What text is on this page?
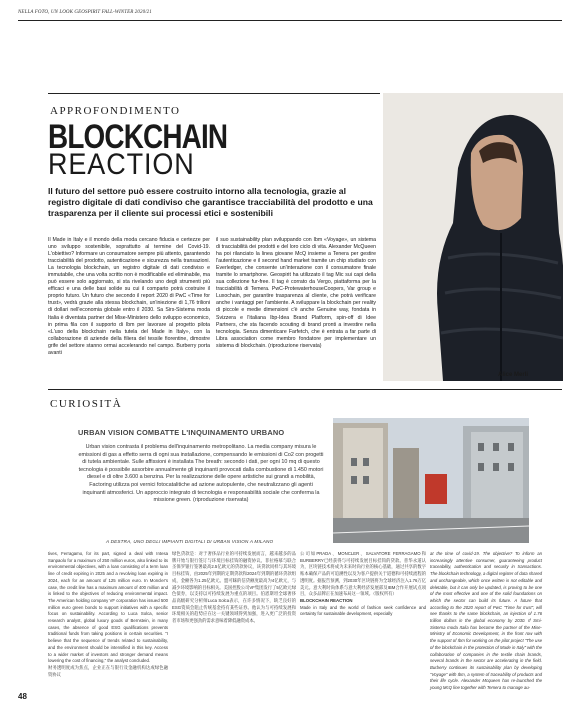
NELLA FOTO, UN LOOK GEOSPIRIT FALL-WINTER 2020/21
APPROFONDIMENTO
BLOCKCHAIN
REACTION
Il futuro del settore può essere costruito intorno alla tecnologia, grazie al registro digitale di dati condiviso che garantisce tracciabilità del prodotto e una trasparenza per il cliente sui processi etici e sostenibili
Il Made in Italy e il mondo della moda cercano fiducia e certezze per uno sviluppo sostenibile, soprattutto al termine del Covid-19. L'obiettivo? Informare un consumatore sempre più attento, garantendo tracciabilità del prodotto, autenticazione e sicurezza nella transazioni. La tecnologia blockchain, un registro digitale di dati condiviso e immutabile, che una volta scritto non è modificabile ed eliminabile, ma può essere solo aggiornato, si sta rivelando uno degli strumenti più efficaci e una delle basi solide su cui il comparto potrà costruire il proprio futuro. Un futuro che secondo il report 2020 di PwC «Time for trust», vedrà grazie alla stessa blockchain, un'iniezione di 1,76 trilioni di dollari nell'economia globale entro il 2030. Sa Sirs-Sistema moda Italia è diventata partner del Mise-Ministero dello sviluppo economico, in prima fila con il supporto di Ibm per lavorare al progetto pilota «L'uso della blockchain nella tutela del Made in Italy», con la collaborazione di aziende della filiera del tessile fiorentine, dimostre grife del settore stanno ormai accelerando nel campo. Burberry porta avanti
il suo sustainability plan sviluppando con Ibm «Voyage», un sistema di tracciabilità dei prodotti e del loro ciclo di vita. Alexander McQueen ha poi rilanciato la linea giovane McQ insieme a Tenera per gestire l'autenticazione e il second hand market tramite un chip studiato con Everledger, che consente un'interazione con il consumatore finale tramite lo smartphone. Geospirit ha utilizzato il tag Mic sui capi della sua collezione fur-free. Il tag è corrato da Vergo, piattaforma per la tracciabilità di Temera. PwC-ProtewaterhouseCoopers, Var group e Luxochain, per garantire trasparenza al cliente, che potrà verificare anche i vantaggi per l'ambiente. A sviluppare la blockchain per reality di piccole e medie dimensioni c'è anche Genuine way, fondata in Svizzera e l'italiana Ibp-Idea Brand Platform, spin-off di Idee Partners, che sta facendo scouting di brand pronti a investire nella tecnologia. Senza dimenticare Farfetch, che è entrata a far parte di Libra association come membro fondatore per implementare un sistema di blockchain. (riproduzione riservata)
Alice Merli
CURIOSITÀ
URBAN VISION COMBATTE L'INQUINAMENTO URBANO
Urban vision contrasta il problema dell'inquinamento metropolitano. La media company misura le emissioni di gas a effetto serra di ogni sua installazione, compensando le emissioni di Co2 con progetti di tutela ambientale. Sulle affissioni è installata The breath: secondo i dati, per ogni 10 mq di questo tecnologia è possibile assorbire annualmente gli inquinanti provocati dalla combustione di 1.450 motori diesel e di oltre 3.600 a benzina. Per la realizzazione delle opere artistiche sui grandi a mobilità, Factoring utilizza poi vernici fotocatalitiche ad azione autopulente, che neutralizzano gli agenti inquinanti atmosferici. Un approccio integrato di tecnologia e responsabilità sociale che conferma la missione green. (riproduzione riservata)
A DESTRA, UNO DEGLI IMPIANTI DIGITALI DI URBAN VISION A MILANO
tives, Ferragamo, for its part, signed a deal with Intesa Sanpaolo for a maximum of 250 million euros, also linked to its environmental objectives, with a loan consisting of a term loan line of credit expiring in 2025 and a revolving loan expiring in 2024, each for an amount of 125 million euro. In Moncler's case, the credit line has a maximum amount of 400 million and is linked to the objectives of reducing environmental impact. The American holding company VF corporation has issued 500 million euro green bonds to support initiatives with a specific focus on sustainability. According to Luca Solca, senior research analyst, global luxury goods of Bernstein, in many cases, the absence of good ESG qualifications prevents traditional funds from taking positions in certain securities. "I believe that the sequence of trends related to sustainability, and the environment should be intensified in this key. Access to a wider market of investors and stronger demand means lowering the cost of financing," the analyst concluded.
财务透明度成为焦点，企业正在与银行及金融机构达成绿色融资协议
绿色贷款是：对于奢侈品行业的可持续发展而言，越来越多的品牌开始与银行签订与环境目标挂钩的融资协议。菲拉格慕与联合圣保罗银行签署最高2.5亿欧元的贷款协议，该贷款同样与其环境目标挂钩，由2025年到期的定期贷款和2024年到期的循环贷款组成，金额各为1.25亿欧元。盟可睐的信贷额度最高为4亿欧元，与减少环境影响的目标相关。美国控股公司VF集团发行了5亿欧元绿色债券，以支持以可持续发展为重点的项目。伯恩斯坦全球奢侈品高级研究分析师Luca Solca表示，在许多情况下，缺乏良好的ESG资质会阻止传统基金持有某些证券。他认为与可持续发展和环境相关的趋势应在这一关键领域得到加强，进入更广泛的投资者市场和更强劲的需求意味着降低融资成本。
公司如PRADA、MONCLER、SALVATORE FERRAGAMO和BURBERRY已经获得与可持续发展目标挂钩的贷款。普华永道认为，区块链技术将成为未来时尚行业的核心基础，通过共享的数字账本确保产品的可追溯性以及为客户提供关于道德和可持续流程的透明度。据报告预测，到2030年区块链将为全球经济注入1.76万亿美元。意大利时尚体系与意大利经济发展部及IBM合作开展试点项目，众多品牌正在加速布局这一领域。（版权所有）
BLOCKCHAIN REACTION
Made in Italy and the world of fashion seek confidence and certainty for sustainable development, especially
at the time of covid-19. The objective? To inform an increasingly attentive consumer, guaranteeing product traceability, authentication and security in transactions. The blockchain technology, a digital register of data shared and unchangeable, which once written is not editable and deletable, but it can only be updated, is proving to be one of the most effective and one of the solid foundations on which the sector can build its future. A future that according to the 2020 report of PwC "Time for trust", will see thanks to the same blockchain, an injection of 1.76 trillion dollars in the global economy by 2030. If Smi-Sistema moda Italia has become the partner of the Mise-Ministry of Economic Development, in the front row with the support of Ibm for working on the pilot project "The use of the blockchain in the protection of Made in Italy" with the collaboration of companies in the textile chain brands, several brands in the sector are accelerating in the field. Burberry continues its sustainability plan by developing "Voyage" with Ibm, a system of traceability of products and their life cycle. Alexander Mcqueen has re-launched the young McQ line together with Temera to manage au-
48
